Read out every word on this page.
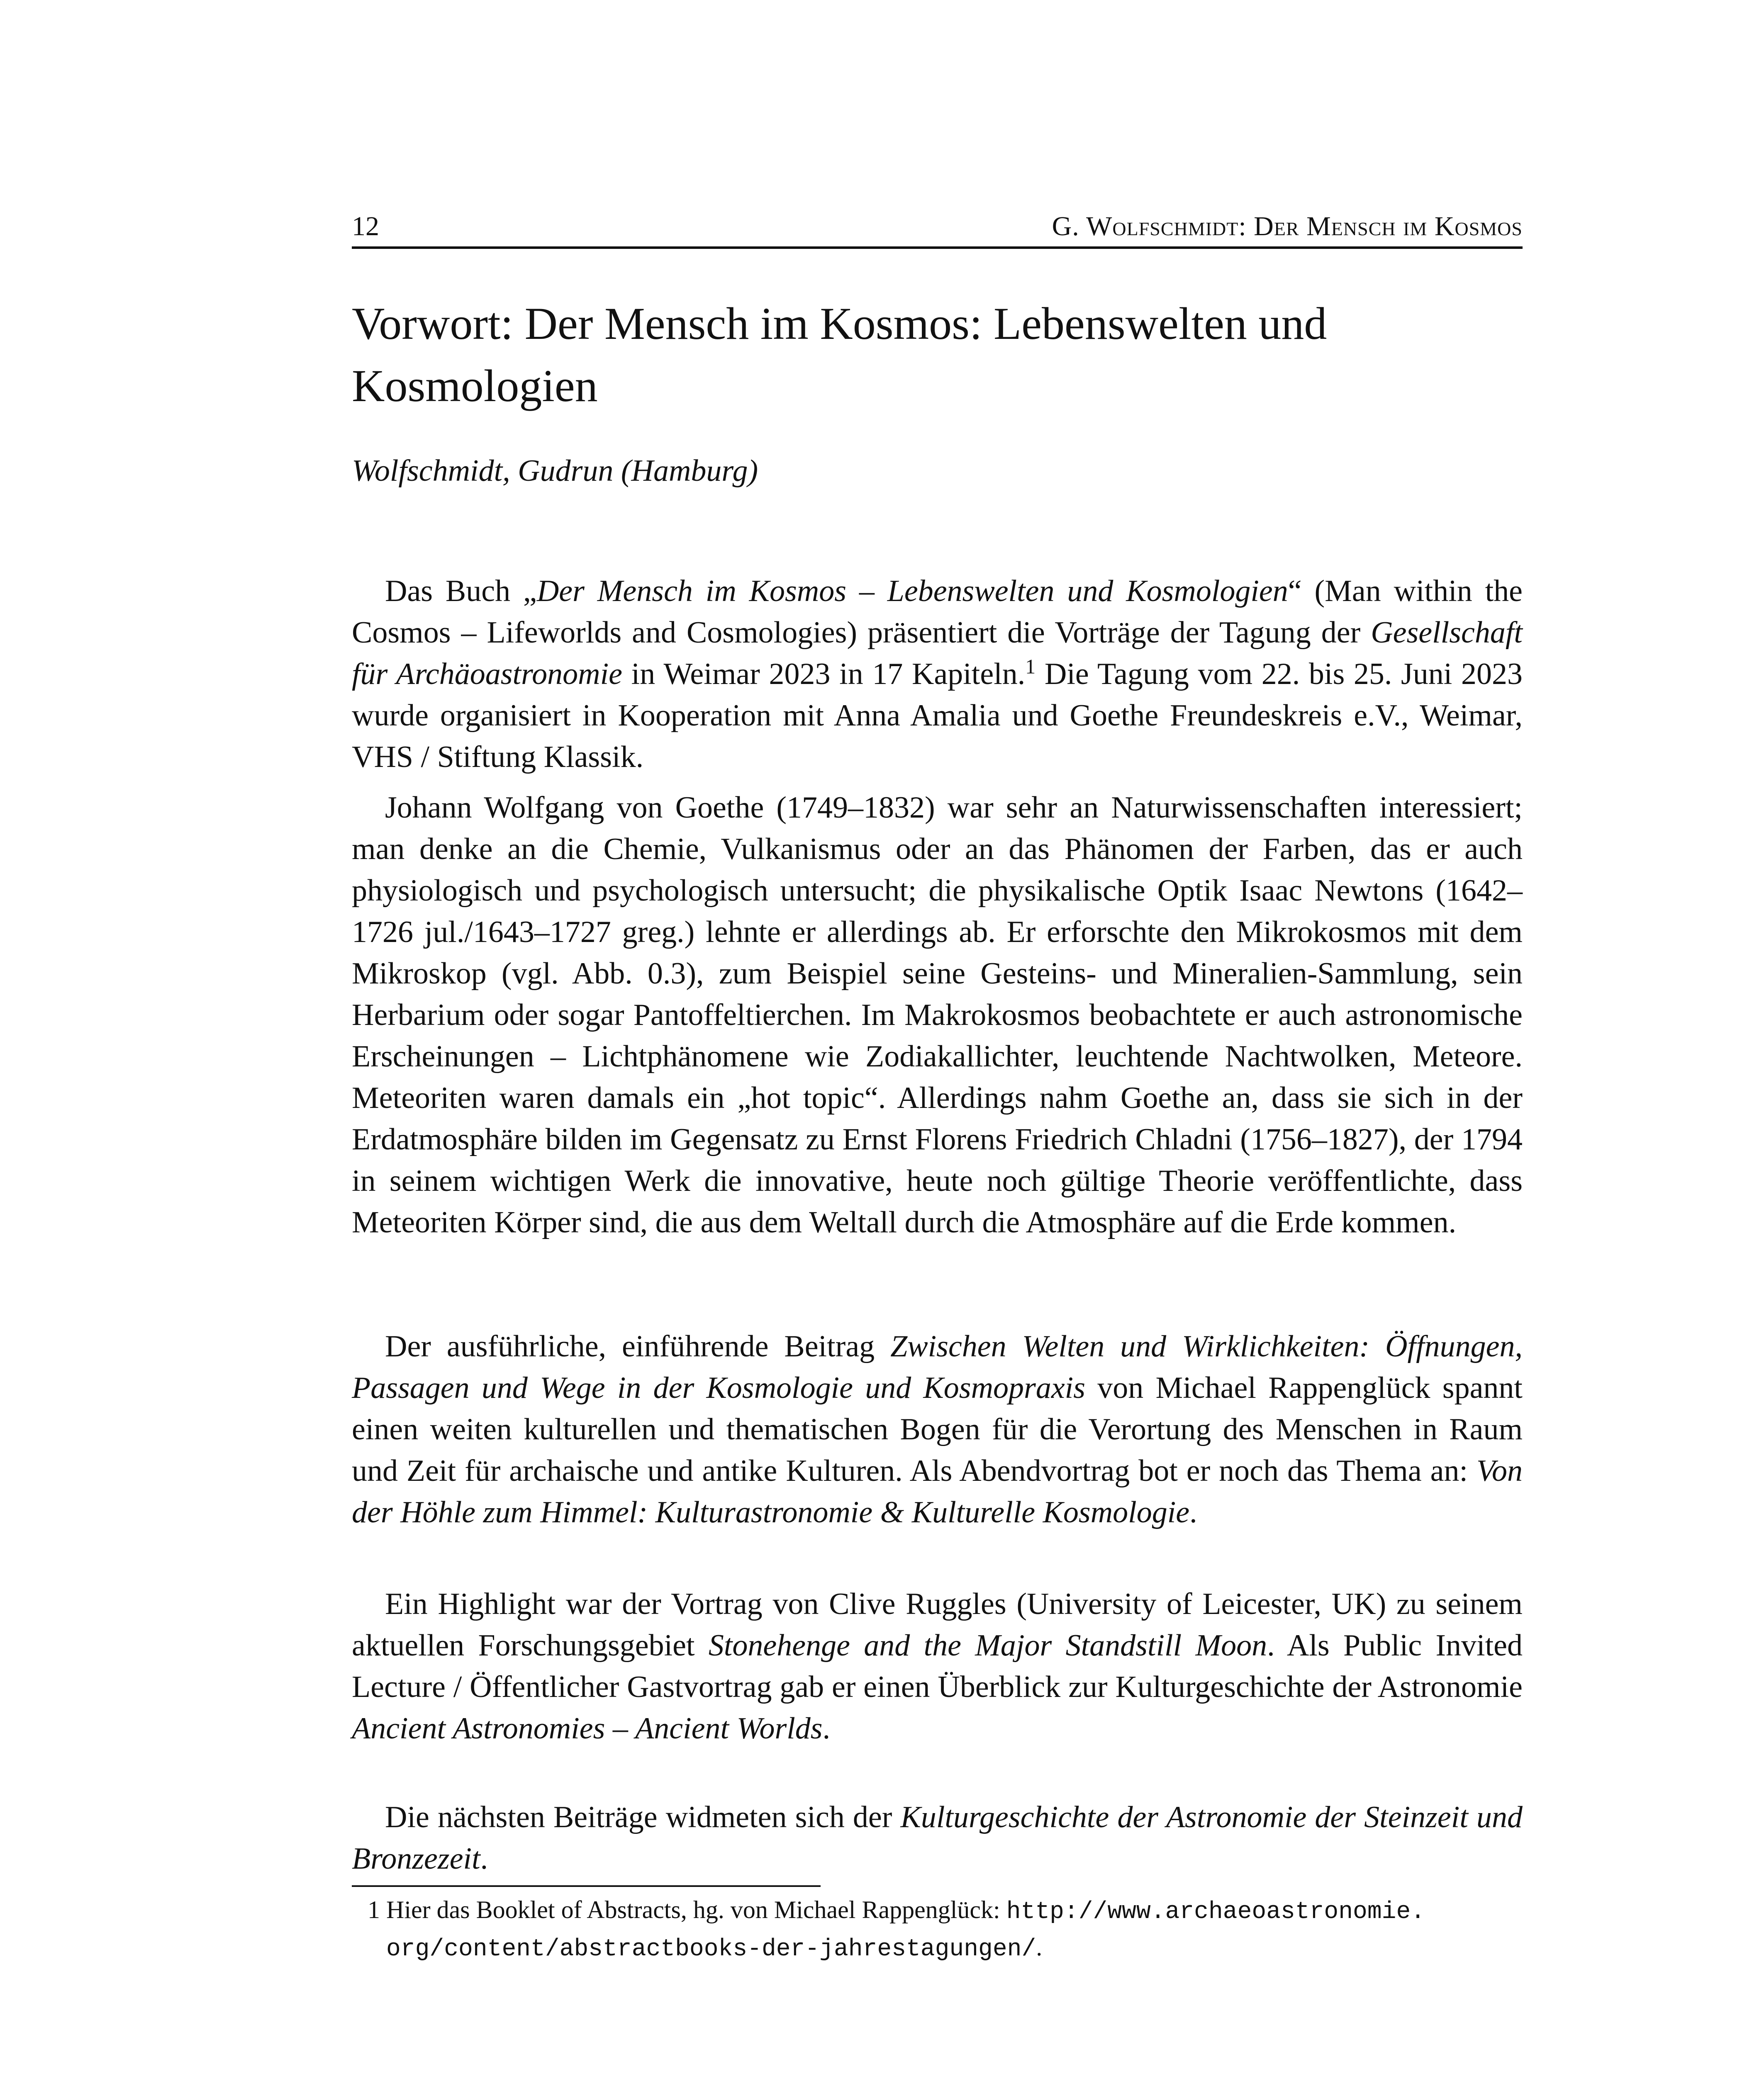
12	G. Wolfschmidt: Der Mensch im Kosmos
Vorwort: Der Mensch im Kosmos: Lebenswelten und Kosmologien
Wolfschmidt, Gudrun (Hamburg)

Das Buch „Der Mensch im Kosmos – Lebenswelten und Kosmologien“ (Man within the Cosmos – Lifeworlds and Cosmologies) präsentiert die Vorträge der Tagung der Gesellschaft für Archäoastronomie in Weimar 2023 in 17 Kapiteln.$^1$ Die Tagung vom 22. bis 25. Juni 2023 wurde organisiert in Kooperation mit Anna Amalia und Goethe Freundeskreis e.V., Weimar, VHS / Stiftung Klassik.

Johann Wolfgang von Goethe (1749–1832) war sehr an Naturwissenschaften interessiert; man denke an die Chemie, Vulkanismus oder an das Phänomen der Farben, das er auch physiologisch und psychologisch untersucht; die physikalische Optik Isaac Newtons (1642–1726 jul./1643–1727 greg.) lehnte er allerdings ab. Er erforschte den Mikrokosmos mit dem Mikroskop (vgl. Abb. 0.3), zum Beispiel seine Gesteins- und Mineralien-Sammlung, sein Herbarium oder sogar Pantoffeltierchen. Im Makrokosmos beobachtete er auch astronomische Erscheinungen – Lichtphänomene wie Zodiakallichter, leuchtende Nachtwolken, Meteore. Meteoriten waren damals ein „hot topic“. Allerdings nahm Goethe an, dass sie sich in der Erdatmosphäre bilden im Gegensatz zu Ernst Florens Friedrich Chladni (1756–1827), der 1794 in seinem wichtigen Werk die innovative, heute noch gültige Theorie veröffentlichte, dass Meteoriten Körper sind, die aus dem Weltall durch die Atmosphäre auf die Erde kommen.

Der ausführliche, einführende Beitrag Zwischen Welten und Wirklichkeiten: Öffnungen, Passagen und Wege in der Kosmologie und Kosmopraxis von Michael Rappenglück spannt einen weiten kulturellen und thematischen Bogen für die Verortung des Menschen in Raum und Zeit für archaische und antike Kulturen. Als Abendvortrag bot er noch das Thema an: Von der Höhle zum Himmel: Kulturastronomie & Kulturelle Kosmologie.

Ein Highlight war der Vortrag von Clive Ruggles (University of Leicester, UK) zu seinem aktuellen Forschungsgebiet Stonehenge and the Major Standstill Moon. Als Public Invited Lecture / Öffentlicher Gastvortrag gab er einen Überblick zur Kulturgeschichte der Astronomie Ancient Astronomies – Ancient Worlds.

Die nächsten Beiträge widmeten sich der Kulturgeschichte der Astronomie der Steinzeit und Bronzezeit.

1 Hier das Booklet of Abstracts, hg. von Michael Rappenglück: http://www.archaeoastronomie.
org/content/abstractbooks-der-jahrestagungen/.
